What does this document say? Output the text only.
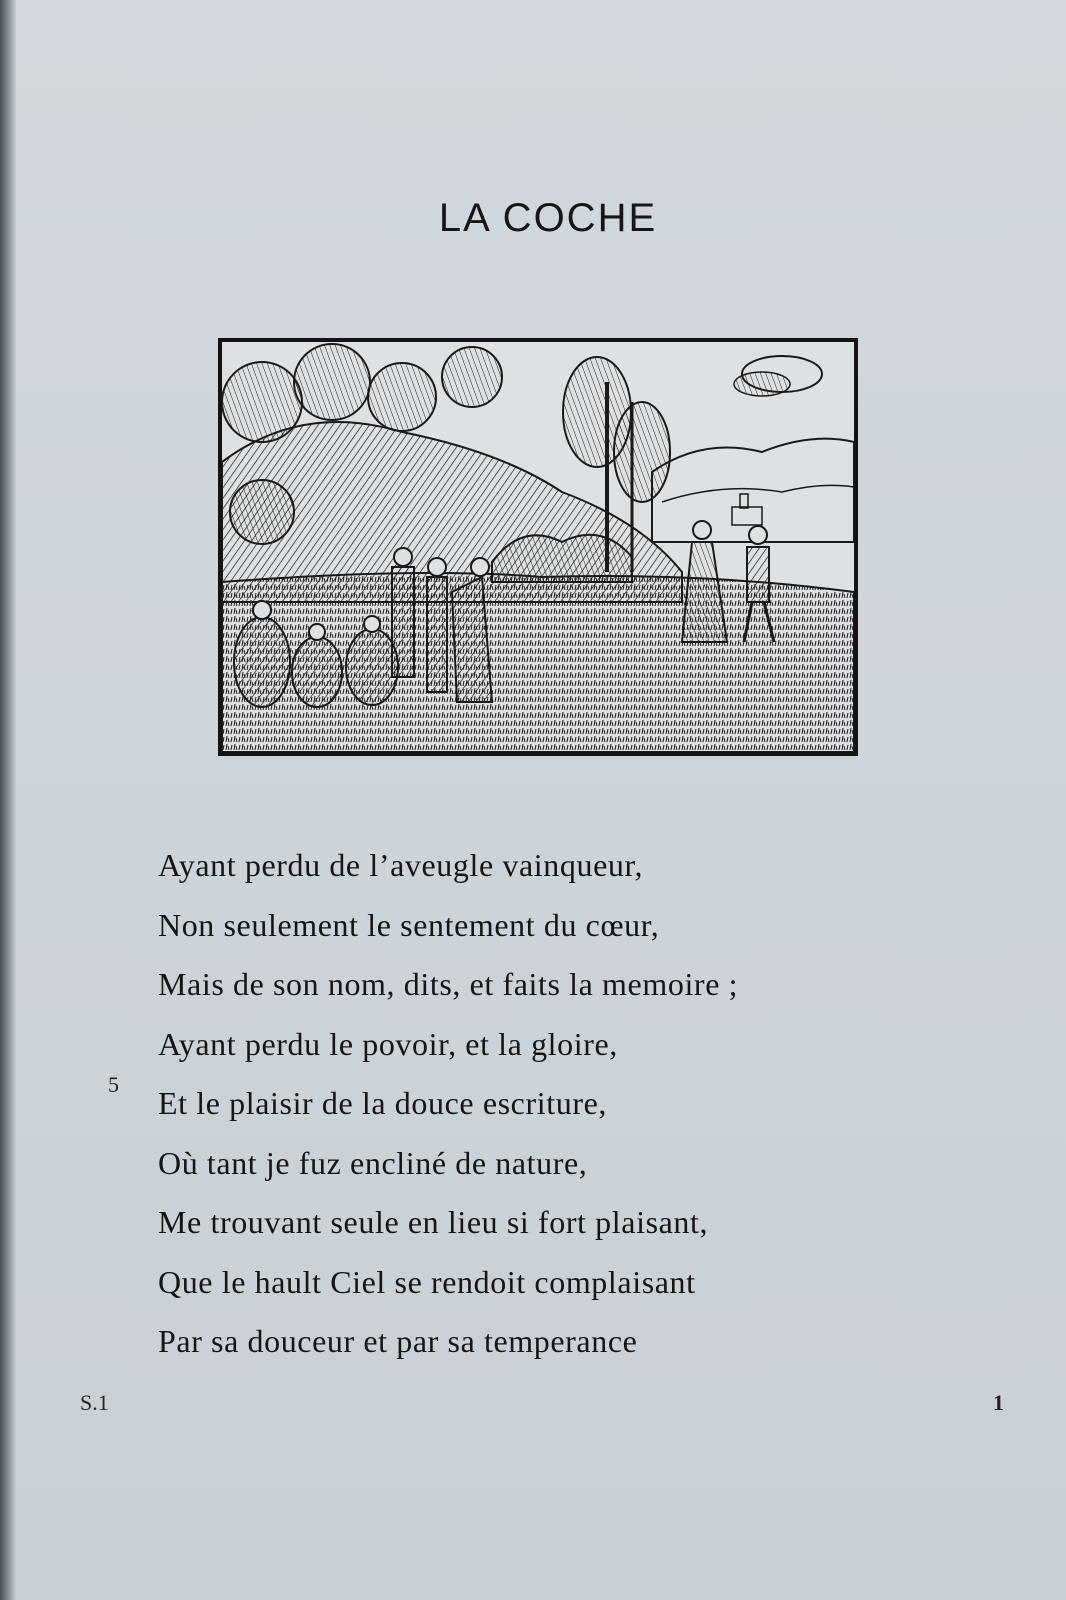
LA COCHE
Ayant perdu de l’aveugle vainqueur,
Non seulement le sentement du cœur,
Mais de son nom, dits, et faits la memoire ;
Ayant perdu le povoir, et la gloire,
Et le plaisir de la douce escriture,
Où tant je fuz encliné de nature,
Me trouvant seule en lieu si fort plaisant,
Que le hault Ciel se rendoit complaisant
Par sa douceur et par sa temperance
5
S.1	1
